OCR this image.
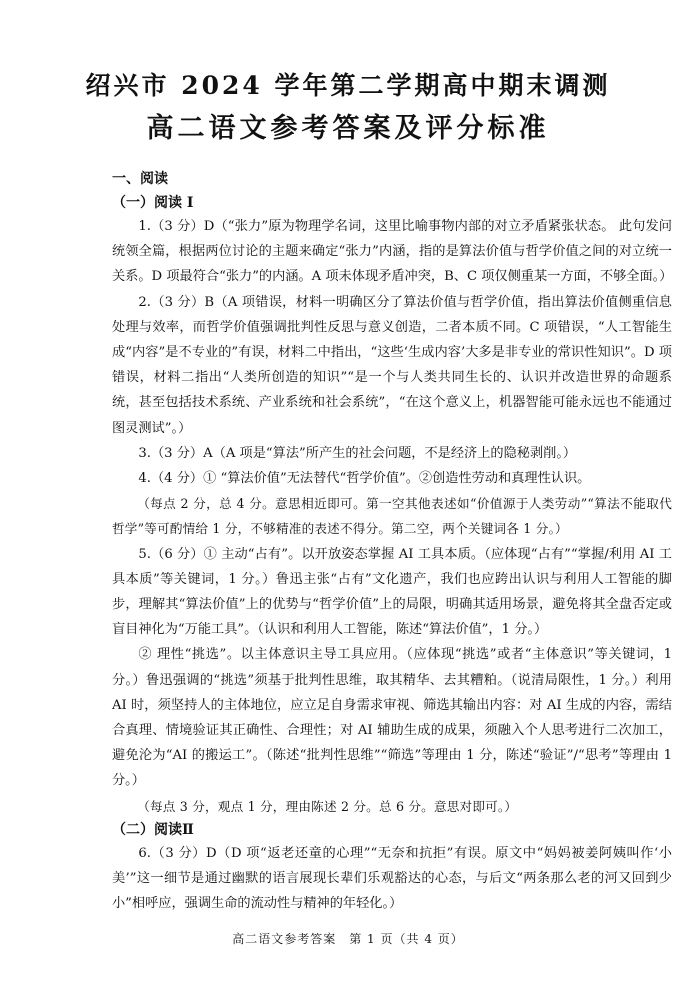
绍兴市 2024 学年第二学期高中期末调测
高二语文参考答案及评分标准
一、阅读
（一）阅读 I

1.（3 分）D（“张力”原为物理学名词，这里比喻事物内部的对立矛盾紧张状态。 此句发问统领全篇，根据两位讨论的主题来确定“张力”内涵，指的是算法价值与哲学价值之间的对立统一关系。D 项最符合“张力”的内涵。A 项未体现矛盾冲突，B、C 项仅侧重某一方面，不够全面。）

2.（3 分）B（A 项错误，材料一明确区分了算法价值与哲学价值，指出算法价值侧重信息处理与效率，而哲学价值强调批判性反思与意义创造，二者本质不同。C 项错误，“人工智能生成“内容”是不专业的”有误，材料二中指出，“这些‘生成内容’大多是非专业的常识性知识”。D 项错误，材料二指出“人类所创造的知识”“是一个与人类共同生长的、认识并改造世界的命题系统，甚至包括技术系统、产业系统和社会系统”，“在这个意义上，机器智能可能永远也不能通过图灵测试”。）

3.（3 分）A（A 项是“算法”所产生的社会问题，不是经济上的隐秘剥削。）

4.（4 分）① “算法价值”无法替代“哲学价值”。②创造性劳动和真理性认识。

（每点 2 分，总 4 分。意思相近即可。第一空其他表述如“价值源于人类劳动”“算法不能取代哲学”等可酌情给 1 分，不够精准的表述不得分。第二空，两个关键词各 1 分。）

5.（6 分）① 主动“占有”。以开放姿态掌握 AI 工具本质。（应体现“占有”“掌握/利用 AI 工具本质”等关键词，1 分。）鲁迅主张“占有”文化遗产，我们也应跨出认识与利用人工智能的脚步，理解其“算法价值”上的优势与“哲学价值”上的局限，明确其适用场景，避免将其全盘否定或盲目神化为“万能工具”。（认识和利用人工智能，陈述“算法价值”，1 分。）

② 理性“挑选”。以主体意识主导工具应用。（应体现“挑选”或者“主体意识”等关键词，1 分。）鲁迅强调的“挑选”须基于批判性思维，取其精华、去其糟粕。（说清局限性，1 分。）利用 AI 时，须坚持人的主体地位，应立足自身需求审视、筛选其输出内容：对 AI 生成的内容，需结合真理、情境验证其正确性、合理性；对 AI 辅助生成的成果，须融入个人思考进行二次加工，避免沦为“AI 的搬运工”。（陈述“批判性思维”“筛选”等理由 1 分，陈述“验证”/“思考”等理由 1 分。）

（每点 3 分，观点 1 分，理由陈述 2 分。总 6 分。意思对即可。）

（二）阅读Ⅱ

6.（3 分）D（D 项“返老还童的心理”“无奈和抗拒”有误。原文中“妈妈被姜阿姨叫作‘小美’”这一细节是通过幽默的语言展现长辈们乐观豁达的心态，与后文“两条那么老的河又回到少小”相呼应，强调生命的流动性与精神的年轻化。）

高二语文参考答案　第 1 页（共 4 页）
